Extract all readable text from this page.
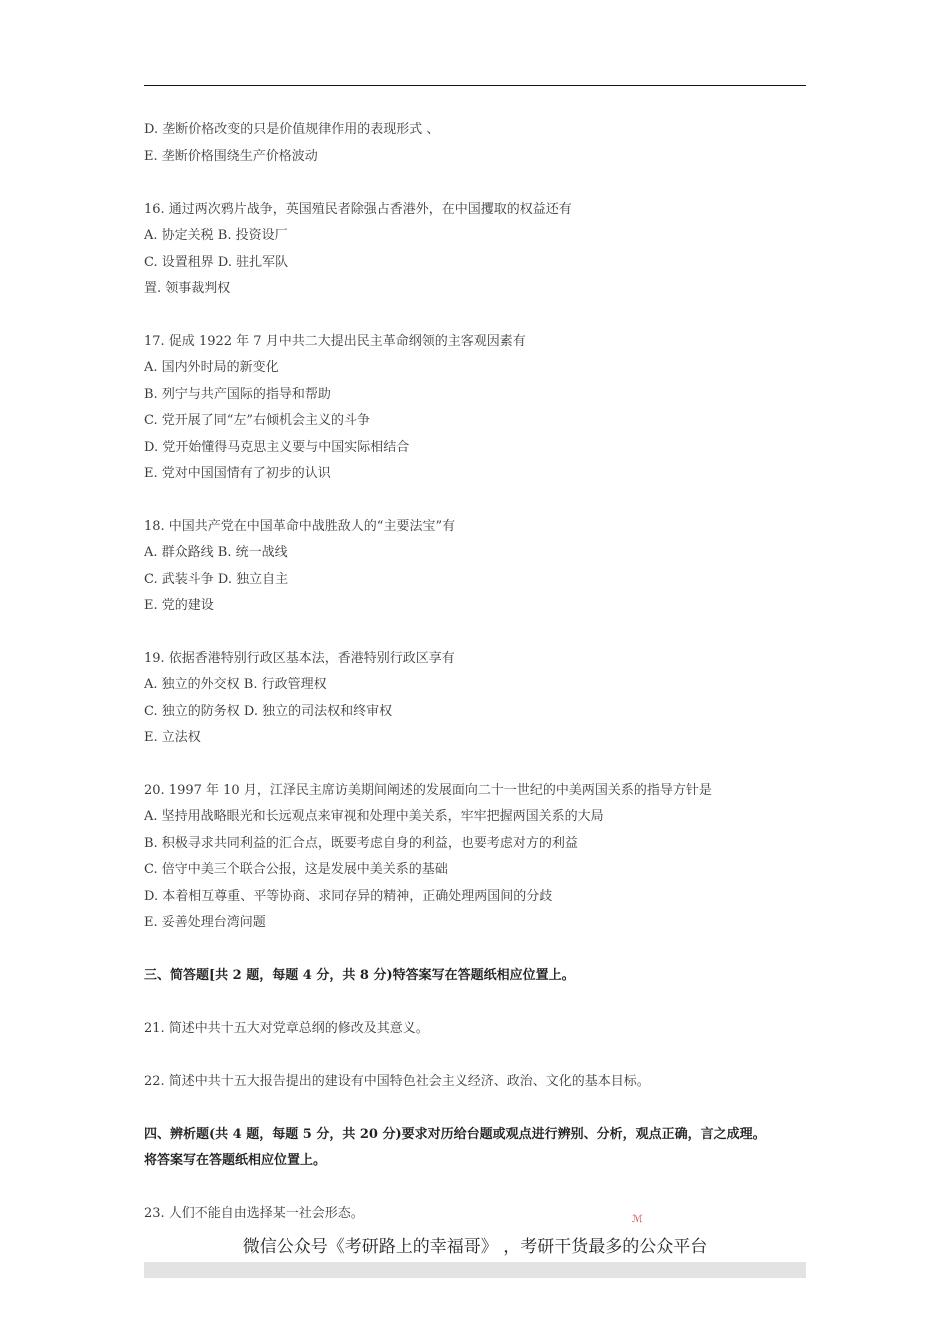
D. 垄断价格改变的只是价值规律作用的表现形式 、
E. 垄断价格围绕生产价格波动
16. 通过两次鸦片战争，英国殖民者除强占香港外，在中国攫取的权益还有
A. 协定关税 B. 投资设厂
C. 设置租界 D. 驻扎军队
置. 领事裁判权
17. 促成 1922 年 7 月中共二大提出民主革命纲领的主客观因素有
A. 国内外时局的新变化
B. 列宁与共产国际的指导和帮助
C. 党开展了同“左”右倾机会主义的斗争
D. 党开始懂得马克思主义要与中国实际相结合
E. 党对中国国情有了初步的认识
18. 中国共产党在中国革命中战胜敌人的“主要法宝”有
A. 群众路线 B. 统一战线
C. 武装斗争 D. 独立自主
E. 党的建设
19. 依据香港特别行政区基本法，香港特别行政区享有
A. 独立的外交权 B. 行政管理权
C. 独立的防务权 D. 独立的司法权和终审权
E. 立法权
20. 1997 年 10 月，江泽民主席访美期间阐述的发展面向二十一世纪的中美两国关系的指导方针是
A. 坚持用战略眼光和长远观点来审视和处理中美关系，牢牢把握两国关系的大局
B. 积极寻求共同利益的汇合点，既要考虑自身的利益，也要考虑对方的利益
C. 倍守中美三个联合公报，这是发展中美关系的基础
D. 本着相互尊重、平等协商、求同存异的精神，正确处理两国间的分歧
E. 妥善处理台湾问题
三、简答题[共 2 题，每题 4 分，共 8 分)特答案写在答题纸相应位置上。
21. 简述中共十五大对党章总纲的修改及其意义。
22. 简述中共十五大报告提出的建设有中国特色社会主义经济、政治、文化的基本目标。
四、辨析题(共 4 题，每题 5 分，共 20 分)要求对历给台题或观点进行辨别、分析，观点正确，言之成理。
将答案写在答题纸相应位置上。
23. 人们不能自由选择某一社会形态。	ℳ
微信公众号《考研路上的幸福哥》 ，考研干货最多的公众平台
